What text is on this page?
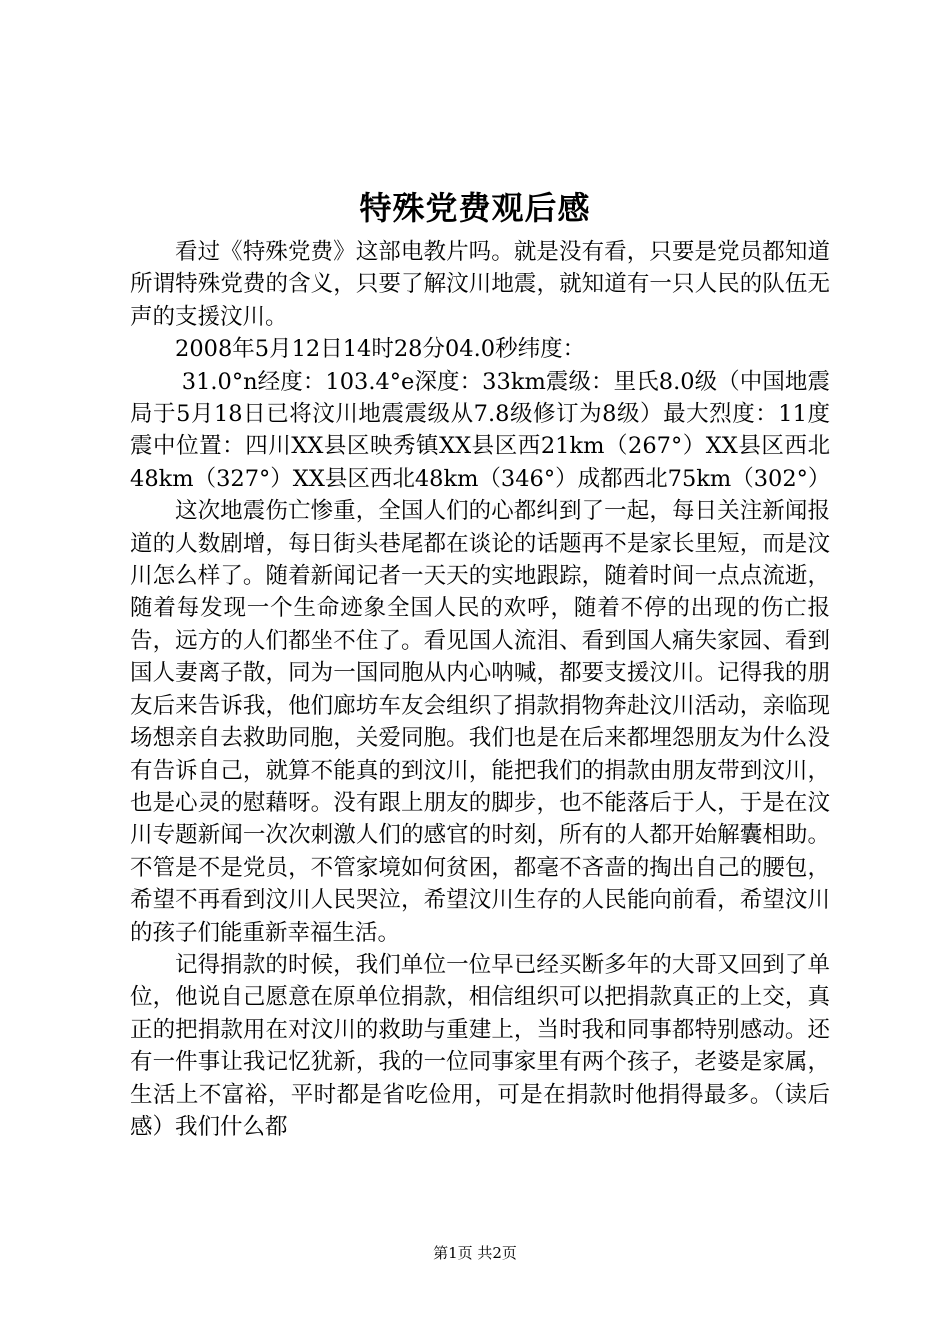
特殊党费观后感

看过《特殊党费》这部电教片吗。就是没有看，只要是党员都知道所谓特殊党费的含义，只要了解汶川地震，就知道有一只人民的队伍无声的支援汶川。

2008年5月12日14时28分04.0秒纬度：

31.0°n经度：103.4°e深度：33km震级：里氏8.0级（中国地震局于5月18日已将汶川地震震级从7.8级修订为8级）最大烈度：11度震中位置：四川XX县区映秀镇XX县区西21km（267°）XX县区西北48km（327°）XX县区西北48km（346°）成都西北75km（302°）

这次地震伤亡惨重，全国人们的心都纠到了一起，每日关注新闻报道的人数剧增，每日街头巷尾都在谈论的话题再不是家长里短，而是汶川怎么样了。随着新闻记者一天天的实地跟踪，随着时间一点点流逝，随着每发现一个生命迹象全国人民的欢呼，随着不停的出现的伤亡报告，远方的人们都坐不住了。看见国人流泪、看到国人痛失家园、看到国人妻离子散，同为一国同胞从内心呐喊，都要支援汶川。记得我的朋友后来告诉我，他们廊坊车友会组织了捐款捐物奔赴汶川活动，亲临现场想亲自去救助同胞，关爱同胞。我们也是在后来都埋怨朋友为什么没有告诉自己，就算不能真的到汶川，能把我们的捐款由朋友带到汶川，也是心灵的慰藉呀。没有跟上朋友的脚步，也不能落后于人，于是在汶川专题新闻一次次刺激人们的感官的时刻，所有的人都开始解囊相助。不管是不是党员，不管家境如何贫困，都毫不吝啬的掏出自己的腰包，希望不再看到汶川人民哭泣，希望汶川生存的人民能向前看，希望汶川的孩子们能重新幸福生活。

记得捐款的时候，我们单位一位早已经买断多年的大哥又回到了单位，他说自己愿意在原单位捐款，相信组织可以把捐款真正的上交，真正的把捐款用在对汶川的救助与重建上，当时我和同事都特别感动。还有一件事让我记忆犹新，我的一位同事家里有两个孩子，老婆是家属，生活上不富裕，平时都是省吃俭用，可是在捐款时他捐得最多。（读后感）我们什么都

第1页 共2页
